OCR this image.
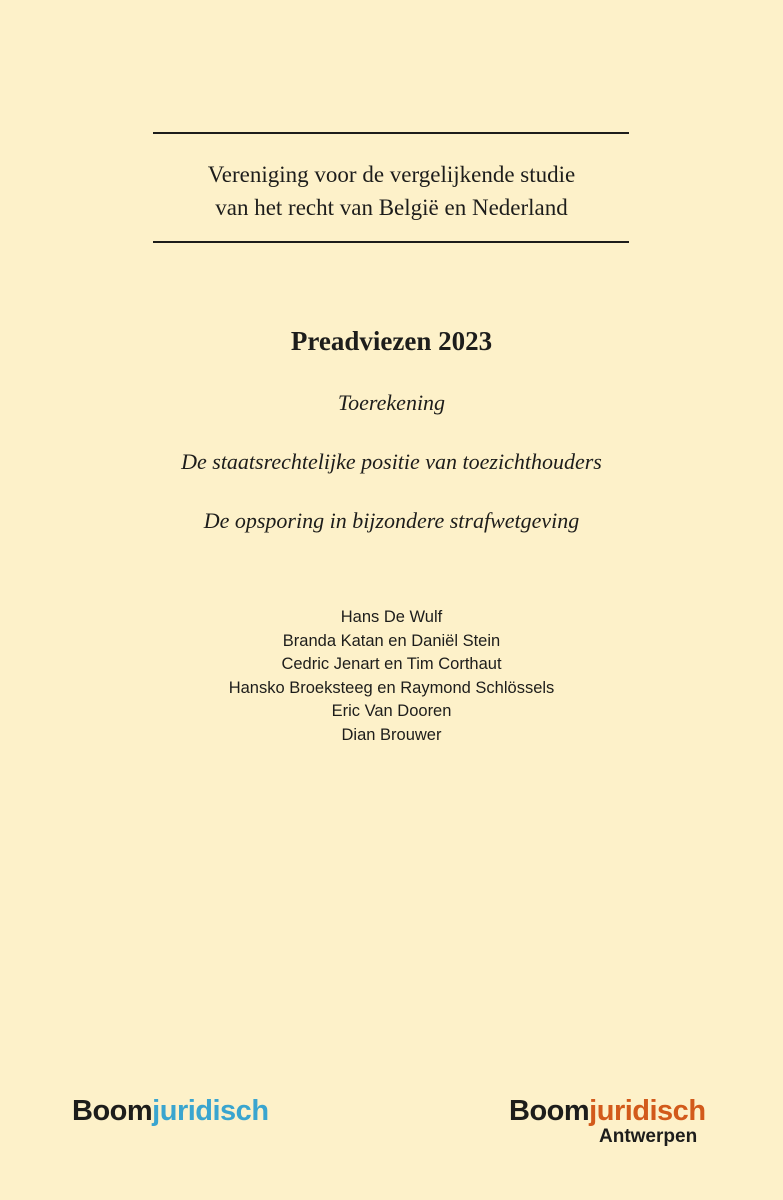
Vereniging voor de vergelijkende studie
van het recht van België en Nederland
Preadviezen 2023
Toerekening
De staatsrechtelijke positie van toezichthouders
De opsporing in bijzondere strafwetgeving
Hans De Wulf
Branda Katan en Daniël Stein
Cedric Jenart en Tim Corthaut
Hansko Broeksteeg en Raymond Schlössels
Eric Van Dooren
Dian Brouwer
Boomjuridisch	Boomjuridisch
Antwerpen
